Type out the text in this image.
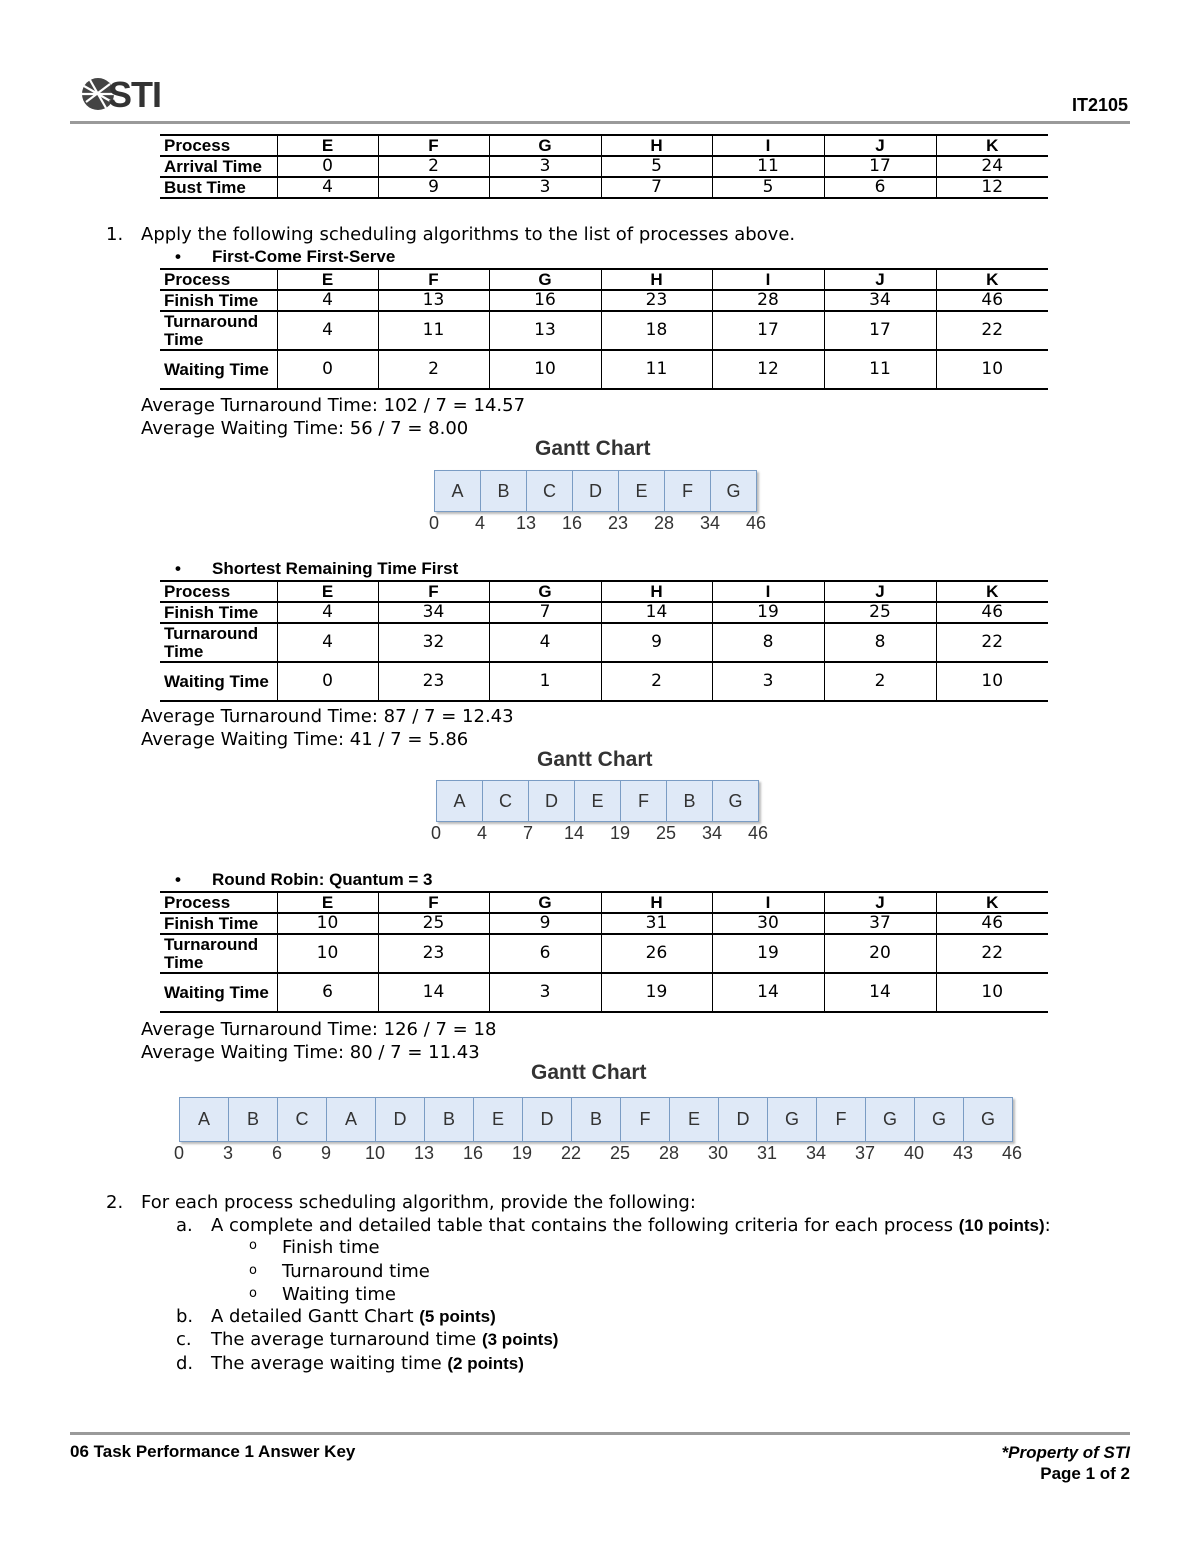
STI	IT2105
Process	E	F	G	H	I	J	K
Arrival Time	0	2	3	5	11	17	24
Bust Time	4	9	3	7	5	6	12
1. Apply the following scheduling algorithms to the list of processes above.
• First-Come First-Serve
Process	E	F	G	H	I	J	K
Finish Time	4	13	16	23	28	34	46
Turnaround Time	4	11	13	18	17	17	22
Waiting Time	0	2	10	11	12	11	10
Average Turnaround Time: 102 / 7 = 14.57
Average Waiting Time: 56 / 7 = 8.00
Gantt Chart
A	B	C	D	E	F	G
0 4 13 16 23 28 34 46
• Shortest Remaining Time First
Process	E	F	G	H	I	J	K
Finish Time	4	34	7	14	19	25	46
Turnaround Time	4	32	4	9	8	8	22
Waiting Time	0	23	1	2	3	2	10
Average Turnaround Time: 87 / 7 = 12.43
Average Waiting Time: 41 / 7 = 5.86
Gantt Chart
A	C	D	E	F	B	G
0 4 7 14 19 25 34 46
• Round Robin: Quantum = 3
Process	E	F	G	H	I	J	K
Finish Time	10	25	9	31	30	37	46
Turnaround Time	10	23	6	26	19	20	22
Waiting Time	6	14	3	19	14	14	10
Average Turnaround Time: 126 / 7 = 18
Average Waiting Time: 80 / 7 = 11.43
Gantt Chart
A	B	C	A	D	B	E	D	B	F	E	D	G	F	G	G	G
0 3 6 9 10 13 16 19 22 25 28 30 31 34 37 40 43 46
2. For each process scheduling algorithm, provide the following:
a. A complete and detailed table that contains the following criteria for each process (10 points):
o Finish time
o Turnaround time
o Waiting time
b. A detailed Gantt Chart (5 points)
c. The average turnaround time (3 points)
d. The average waiting time (2 points)
06 Task Performance 1 Answer Key	*Property of STI
Page 1 of 2
